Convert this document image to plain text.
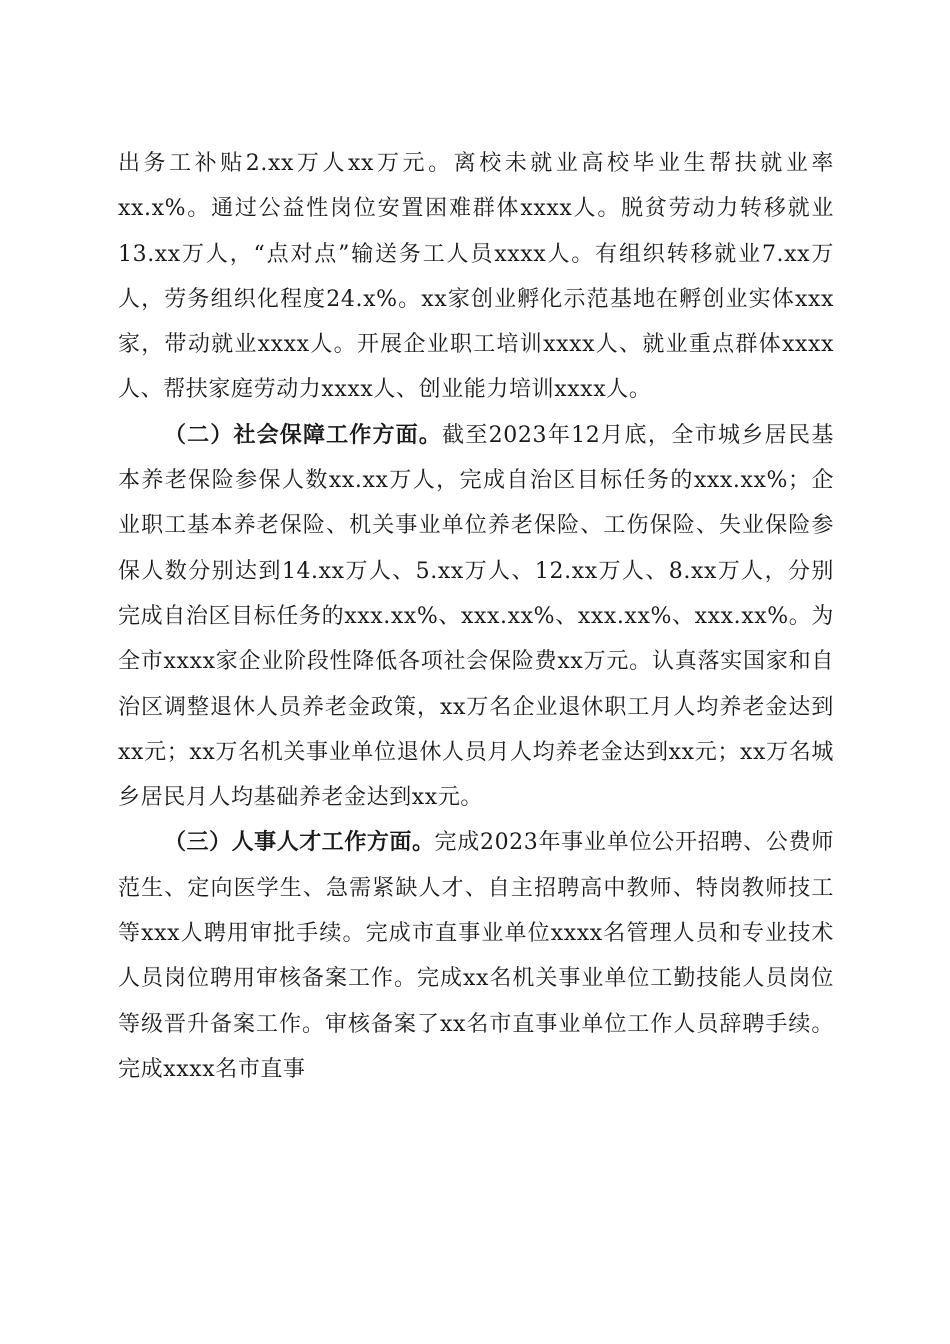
出务工补贴2.xx万人xx万元。离校未就业高校毕业生帮扶就业率xx.x%。通过公益性岗位安置困难群体xxxx人。脱贫劳动力转移就业13.xx万人，“点对点”输送务工人员xxxx人。有组织转移就业7.xx万人，劳务组织化程度24.x%。xx家创业孵化示范基地在孵创业实体xxx家，带动就业xxxx人。开展企业职工培训xxxx人、就业重点群体xxxx人、帮扶家庭劳动力xxxx人、创业能力培训xxxx人。

（二）社会保障工作方面。截至2023年12月底，全市城乡居民基本养老保险参保人数xx.xx万人，完成自治区目标任务的xxx.xx%；企业职工基本养老保险、机关事业单位养老保险、工伤保险、失业保险参保人数分别达到14.xx万人、5.xx万人、12.xx万人、8.xx万人，分别完成自治区目标任务的xxx.xx%、xxx.xx%、xxx.xx%、xxx.xx%。为全市xxxx家企业阶段性降低各项社会保险费xx万元。认真落实国家和自治区调整退休人员养老金政策，xx万名企业退休职工月人均养老金达到xx元；xx万名机关事业单位退休人员月人均养老金达到xx元；xx万名城乡居民月人均基础养老金达到xx元。

（三）人事人才工作方面。完成2023年事业单位公开招聘、公费师范生、定向医学生、急需紧缺人才、自主招聘高中教师、特岗教师技工等xxx人聘用审批手续。完成市直事业单位xxxx名管理人员和专业技术人员岗位聘用审核备案工作。完成xx名机关事业单位工勤技能人员岗位等级晋升备案工作。审核备案了xx名市直事业单位工作人员辞聘手续。完成xxxx名市直事
